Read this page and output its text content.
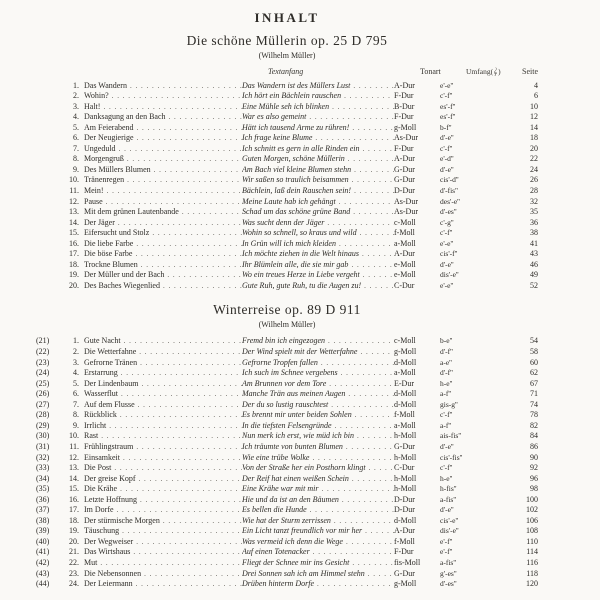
INHALT
Die schöne Müllerin op. 25 D 795
(Wilhelm Müller)
Textanfang	Tonart	Umfang (  )	Seite
1. Das Wandern . . .	Das Wandern ist des Müllers Lust . . .	A-Dur	e'-e''	4
2. Wohin? . . .	Ich hört ein Bächlein rauschen . . .	F-Dur	c'-f''	6
3. Halt! . . .	Eine Mühle seh ich blinken . . .	B-Dur	es'-f''	10
4. Danksagung an den Bach . . .	War es also gemeint . . .	F-Dur	es'-f''	12
5. Am Feierabend . . .	Hätt ich tausend Arme zu rühren! . . .	g-Moll	b-f''	14
6. Der Neugierige . . .	Ich frage keine Blume . . .	As-Dur	d'-e''	18
7. Ungeduld . . .	Ich schnitt es gern in alle Rinden ein . . .	F-Dur	c'-f''	20
8. Morgengruß . . .	Guten Morgen, schöne Müllerin . . .	A-Dur	e'-d''	22
9. Des Müllers Blumen . . .	Am Bach viel kleine Blumen stehn . . .	G-Dur	d'-e''	24
10. Tränenregen . . .	Wir saßen so traulich beisammen . . .	G-Dur	cis'-d''	26
11. Mein! . . .	Bächlein, laß dein Rauschen sein! . . .	D-Dur	d'-fis''	28
12. Pause . . .	Meine Laute hab ich gehängt . . .	As-Dur	des'-e''	32
13. Mit dem grünen Lautenbande . . .	Schad um das schöne grüne Band . . .	As-Dur	d'-es''	35
14. Der Jäger . . .	Was sucht denn der Jäger . . .	c-Moll	c'-g''	36
15. Eifersucht und Stolz . . .	Wohin so schnell, so kraus und wild . . .	f-Moll	c'-f''	38
16. Die liebe Farbe . . .	In Grün will ich mich kleiden . . .	a-Moll	e'-e''	41
17. Die böse Farbe . . .	Ich möchte ziehen in die Welt hinaus . . .	A-Dur	cis'-f''	43
18. Trockne Blumen . . .	Ihr Blümlein alle, die sie mir gab . . .	e-Moll	d'-e''	46
19. Der Müller und der Bach . . .	Wo ein treues Herze in Liebe vergeht . . .	e-Moll	dis'-e''	49
20. Des Baches Wiegenlied . . .	Gute Ruh, gute Ruh, tu die Augen zu! . . .	C-Dur	e'-e''	52
Winterreise op. 89 D 911
(Wilhelm Müller)
(21)	1. Gute Nacht . . .	Fremd bin ich eingezogen . . .	c-Moll	b-e''	54
(22)	2. Die Wetterfahne . . .	Der Wind spielt mit der Wetterfahne . . .	g-Moll	d'-f''	58
(23)	3. Gefrorne Tränen . . .	Gefrorne Tropfen fallen . . .	d-Moll	a-e''	60
(24)	4. Erstarrung . . .	Ich such im Schnee vergebens . . .	a-Moll	d'-f''	62
(25)	5. Der Lindenbaum . . .	Am Brunnen vor dem Tore . . .	E-Dur	h-e''	67
(26)	6. Wasserflut . . .	Manche Trän aus meinen Augen . . .	d-Moll	a-f''	71
(27)	7. Auf dem Flusse . . .	Der du so lustig rauschtest . . .	d-Moll	gis-g''	74
(28)	8. Rückblick . . .	Es brennt mir unter beiden Sohlen . . .	f-Moll	c'-f''	78
(29)	9. Irrlicht . . .	In die tiefsten Felsengründe . . .	a-Moll	a-f''	82
(30)	10. Rast . . .	Nun merk ich erst, wie müd ich bin . . .	h-Moll	ais-fis''	84
(31)	11. Frühlingstraum . . .	Ich träumte von bunten Blumen . . .	G-Dur	d'-e''	86
(32)	12. Einsamkeit . . .	Wie eine trübe Wolke . . .	h-Moll	cis'-fis''	90
(33)	13. Die Post . . .	Von der Straße her ein Posthorn klingt . . .	C-Dur	c'-f''	92
(34)	14. Der greise Kopf . . .	Der Reif hat einen weißen Schein . . .	h-Moll	h-e''	96
(35)	15. Die Krähe . . .	Eine Krähe war mit mir . . .	h-Moll	h-fis''	98
(36)	16. Letzte Hoffnung . . .	Hie und da ist an den Bäumen . . .	D-Dur	a-fis''	100
(37)	17. Im Dorfe . . .	Es bellen die Hunde . . .	D-Dur	d'-e''	102
(38)	18. Der stürmische Morgen . . .	Wie hat der Sturm zerrissen . . .	d-Moll	cis'-e''	106
(39)	19. Täuschung . . .	Ein Licht tanzt freundlich vor mir her . . .	A-Dur	dis'-e''	108
(40)	20. Der Wegweiser . . .	Was vermeid ich denn die Wege . . .	f-Moll	e'-f''	110
(41)	21. Das Wirtshaus . . .	Auf einen Totenacker . . .	F-Dur	e'-f''	114
(42)	22. Mut . . .	Fliegt der Schnee mir ins Gesicht . . .	fis-Moll	a-fis''	116
(43)	23. Die Nebensonnen . . .	Drei Sonnen sah ich am Himmel stehn . . .	G-Dur	g'-es''	118
(44)	24. Der Leiermann . . .	Drüben hinterm Dorfe . . .	g-Moll	d'-es''	120
